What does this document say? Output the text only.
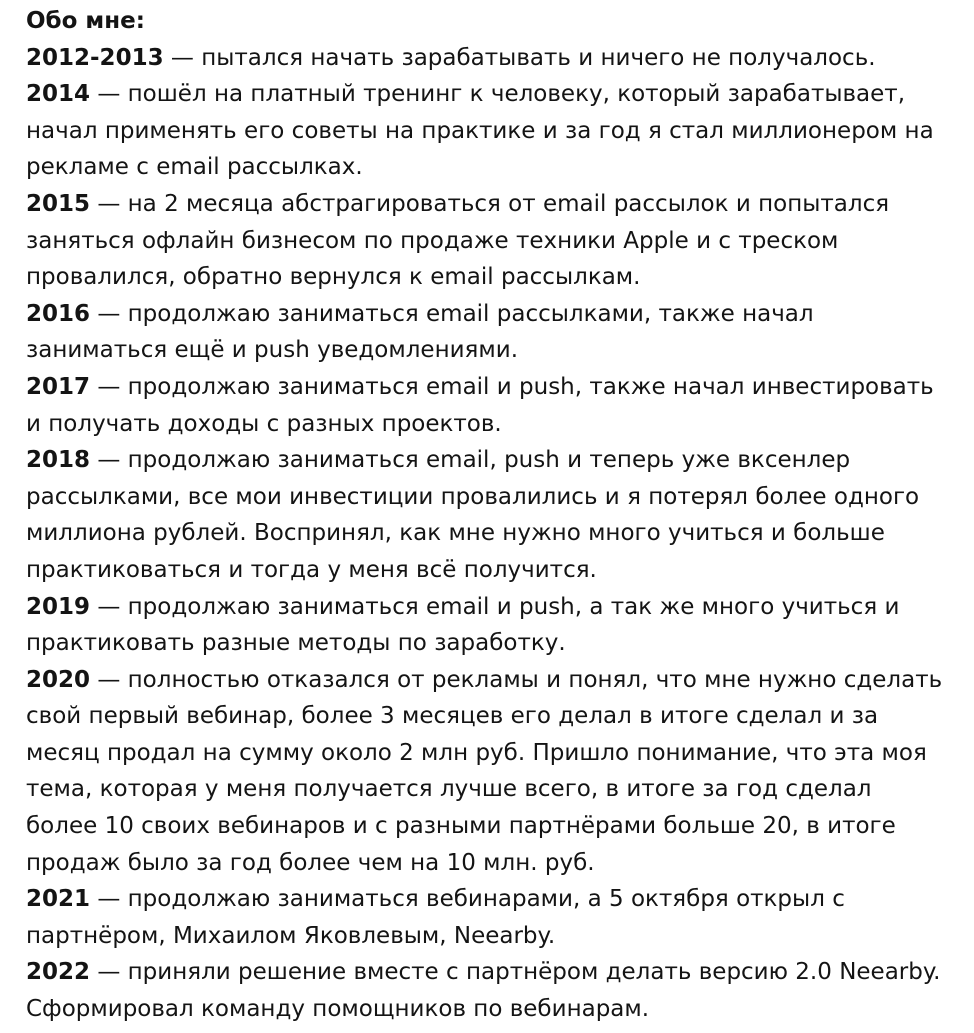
Обо мне:

2012-2013 — пытался начать зарабатывать и ничего не получалось.

2014 — пошёл на платный тренинг к человеку, который зарабатывает, начал применять его советы на практике и за год я стал миллионером на рекламе с email рассылках.

2015 — на 2 месяца абстрагироваться от email рассылок и попытался заняться офлайн бизнесом по продаже техники Apple и с треском провалился, обратно вернулся к email рассылкам.

2016 — продолжаю заниматься email рассылками, также начал заниматься ещё и push уведомлениями.

2017 — продолжаю заниматься email и push, также начал инвестировать и получать доходы с разных проектов.

2018 — продолжаю заниматься email, push и теперь уже вксенлер рассылками, все мои инвестиции провалились и я потерял более одного миллиона рублей. Воспринял, как мне нужно много учиться и больше практиковаться и тогда у меня всё получится.

2019 — продолжаю заниматься email и push, а так же много учиться и практиковать разные методы по заработку.

2020 — полностью отказался от рекламы и понял, что мне нужно сделать свой первый вебинар, более 3 месяцев его делал в итоге сделал и за месяц продал на сумму около 2 млн руб. Пришло понимание, что эта моя тема, которая у меня получается лучше всего, в итоге за год сделал более 10 своих вебинаров и с разными партнёрами больше 20, в итоге продаж было за год более чем на 10 млн. руб.

2021 — продолжаю заниматься вебинарами, а 5 октября открыл с партнёром, Михаилом Яковлевым, Neearby.

2022 — приняли решение вместе с партнёром делать версию 2.0 Neearby. Сформировал команду помощников по вебинарам.
